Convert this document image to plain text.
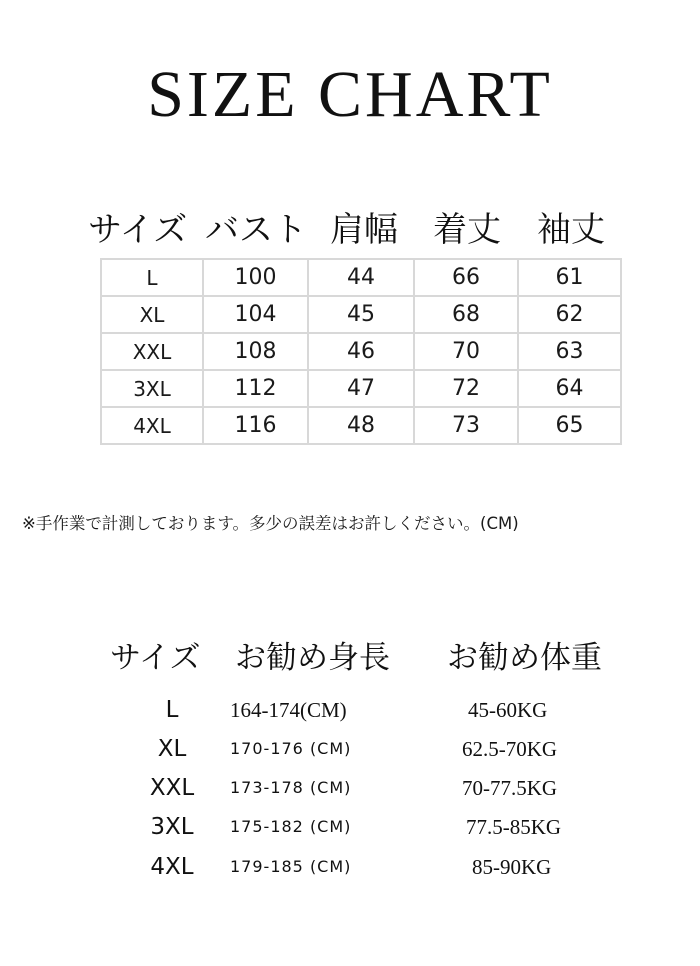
SIZE CHART
サイズ バスト 肩幅 着丈 袖丈
L	100	44	66	61
XL	104	45	68	62
XXL	108	46	70	63
3XL	112	47	72	64
4XL	116	48	73	65
※手作業で計測しております。多少の誤差はお許しください。(CM)
サイズ お勧め身長 お勧め体重
L	164-174(CM)	45-60KG
XL	170-176 (CM)	62.5-70KG
XXL	173-178 (CM)	70-77.5KG
3XL	175-182 (CM)	77.5-85KG
4XL	179-185 (CM)	85-90KG
